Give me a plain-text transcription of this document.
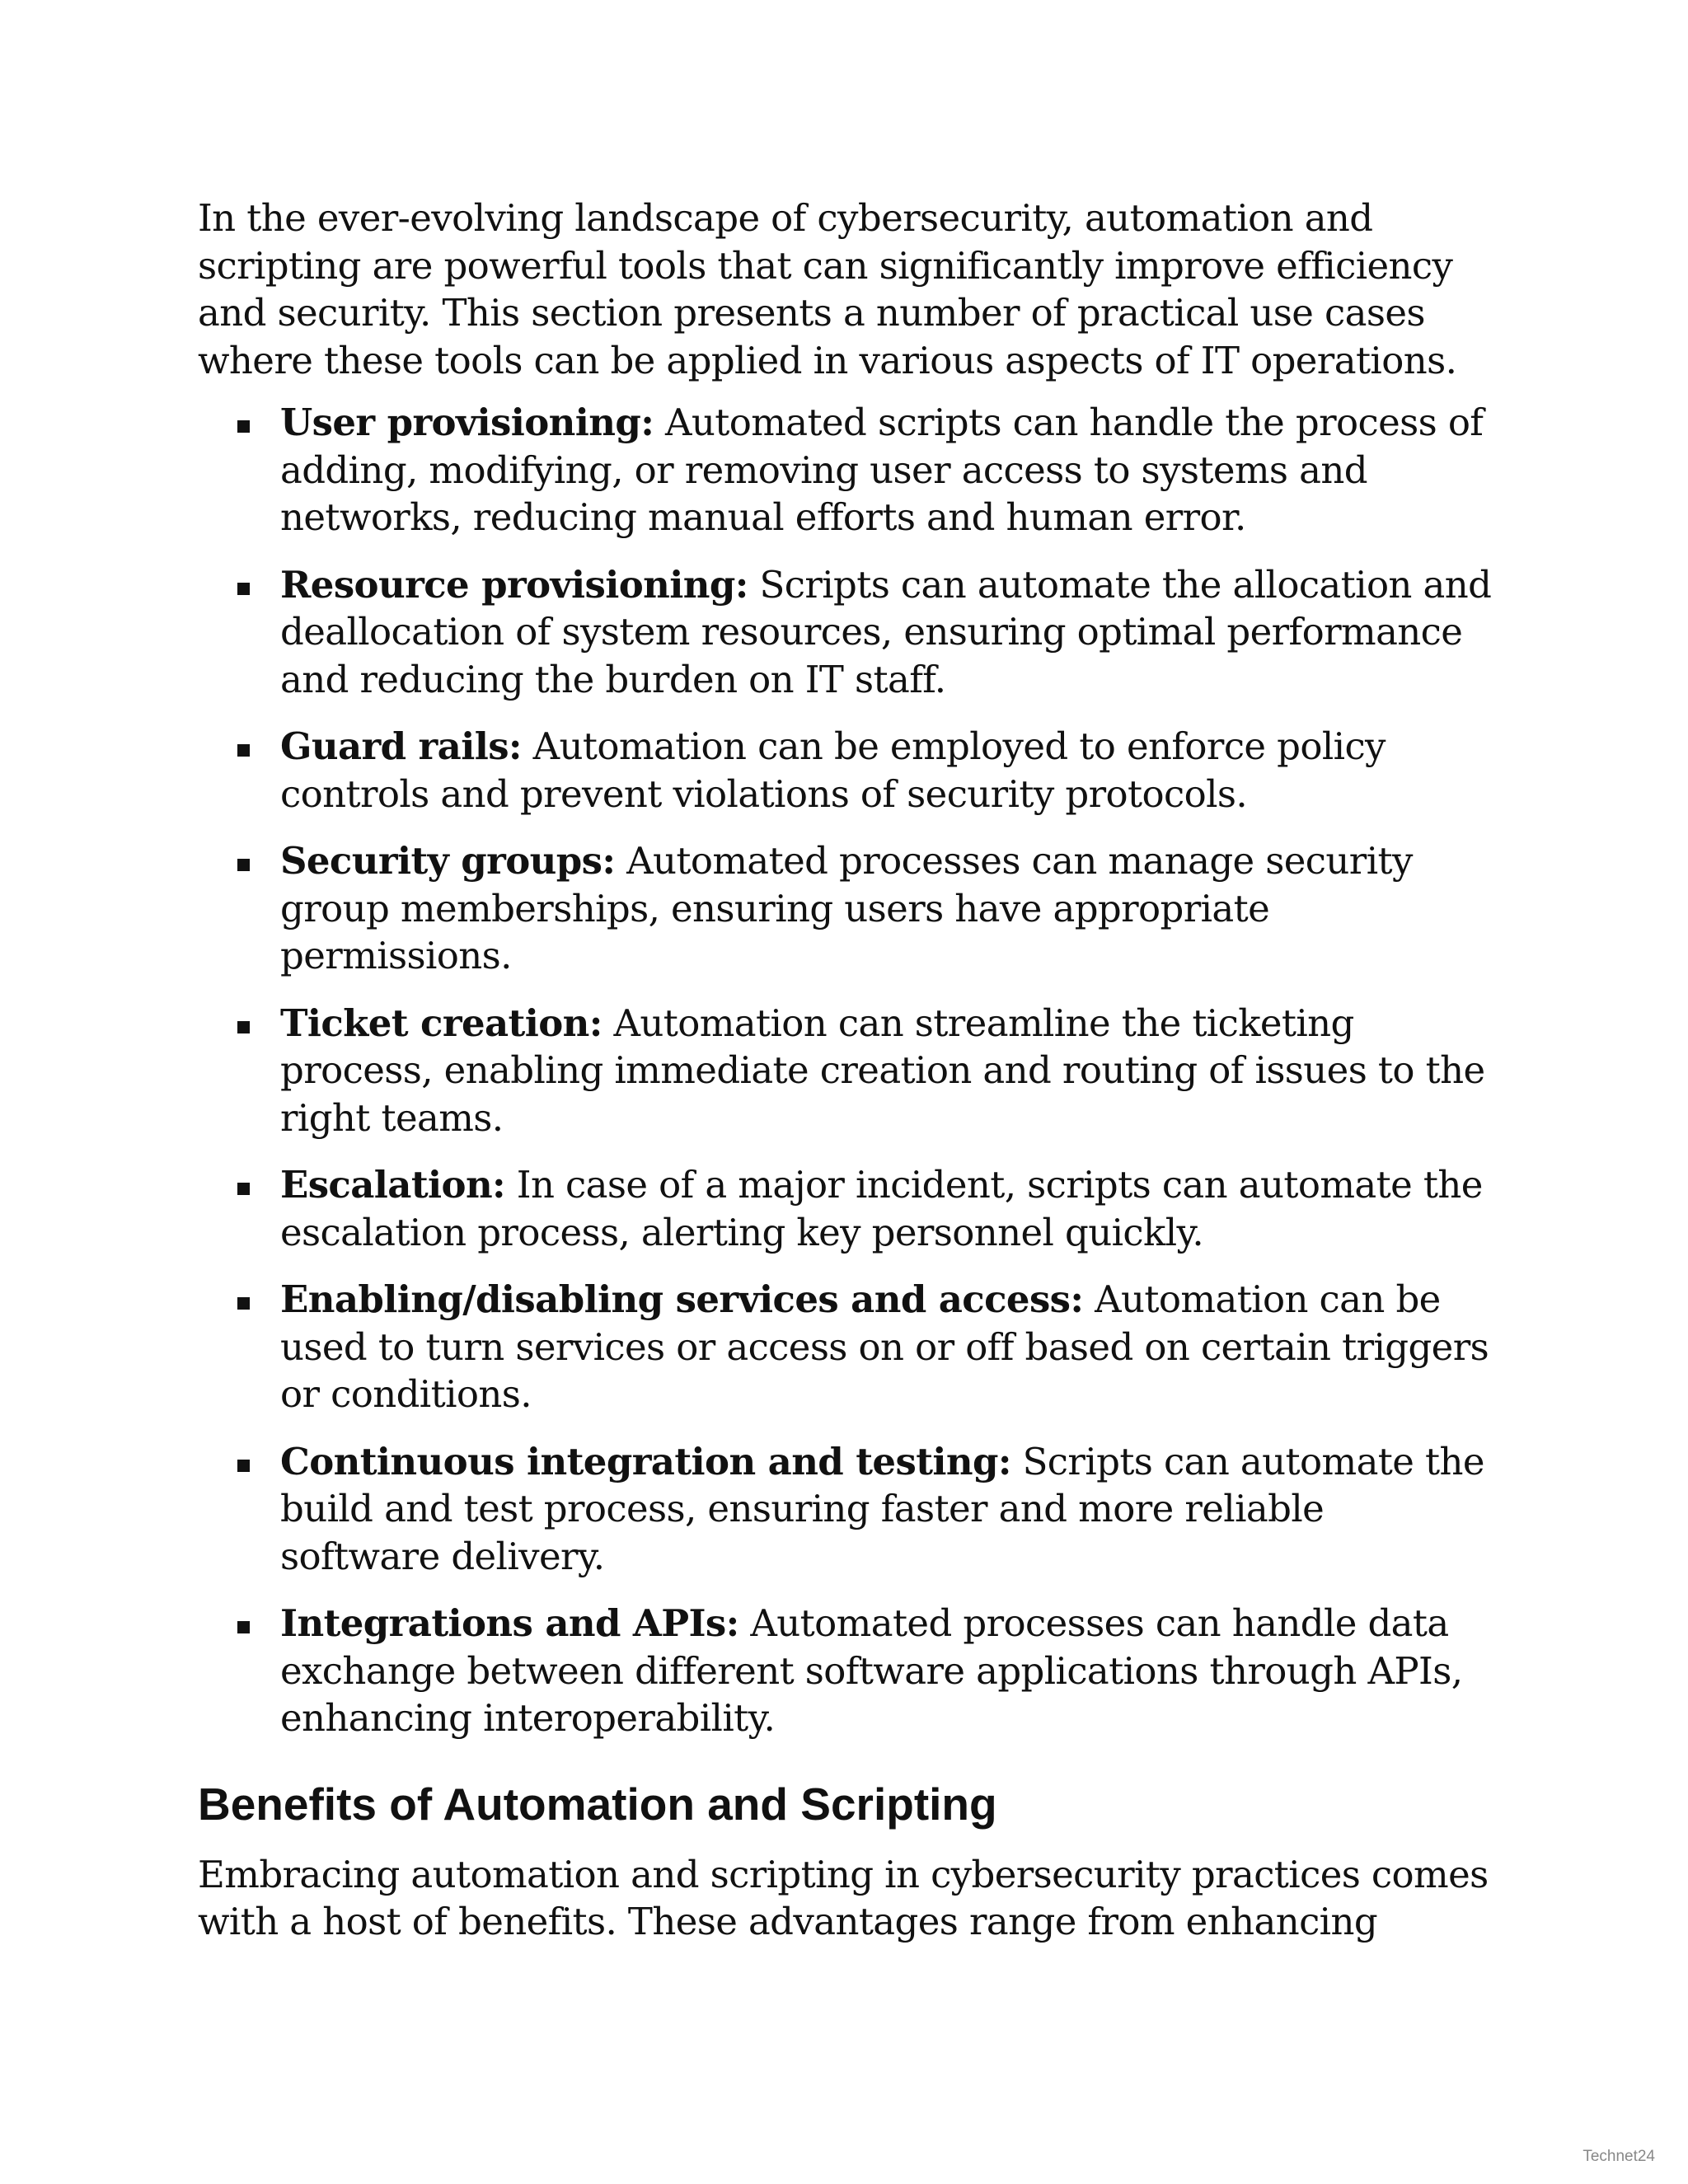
In the ever-evolving landscape of cybersecurity, automation and scripting are powerful tools that can significantly improve efficiency and security. This section presents a number of practical use cases where these tools can be applied in various aspects of IT operations.

User provisioning: Automated scripts can handle the process of adding, modifying, or removing user access to systems and networks, reducing manual efforts and human error.
Resource provisioning: Scripts can automate the allocation and deallocation of system resources, ensuring optimal performance and reducing the burden on IT staff.
Guard rails: Automation can be employed to enforce policy controls and prevent violations of security protocols.
Security groups: Automated processes can manage security group memberships, ensuring users have appropriate permissions.
Ticket creation: Automation can streamline the ticketing process, enabling immediate creation and routing of issues to the right teams.
Escalation: In case of a major incident, scripts can automate the escalation process, alerting key personnel quickly.
Enabling/disabling services and access: Automation can be used to turn services or access on or off based on certain triggers or conditions.
Continuous integration and testing: Scripts can automate the build and test process, ensuring faster and more reliable software delivery.
Integrations and APIs: Automated processes can handle data exchange between different software applications through APIs, enhancing interoperability.
Benefits of Automation and Scripting

Embracing automation and scripting in cybersecurity practices comes with a host of benefits. These advantages range from enhancing

Technet24
